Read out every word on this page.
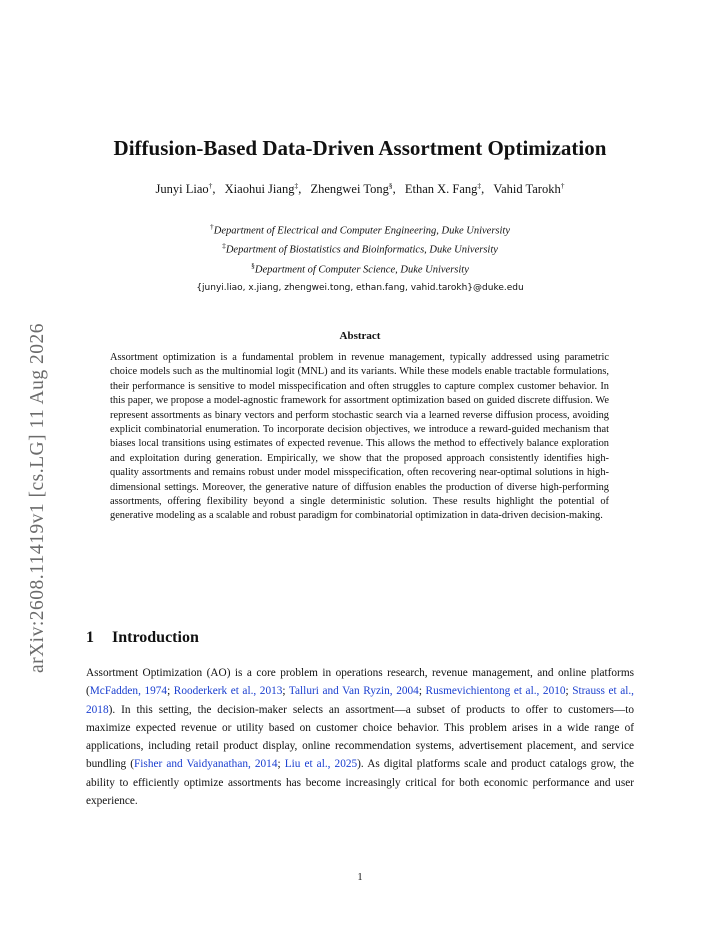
arXiv:2608.11419v1 [cs.LG] 11 Aug 2026
Diffusion-Based Data-Driven Assortment Optimization
Junyi Liao†, Xiaohui Jiang‡, Zhengwei Tong§, Ethan X. Fang‡, Vahid Tarokh†
†Department of Electrical and Computer Engineering, Duke University
‡Department of Biostatistics and Bioinformatics, Duke University
§Department of Computer Science, Duke University
{junyi.liao, x.jiang, zhengwei.tong, ethan.fang, vahid.tarokh}@duke.edu
Abstract

Assortment optimization is a fundamental problem in revenue management, typically addressed using parametric choice models such as the multinomial logit (MNL) and its variants. While these models enable tractable formulations, their performance is sensitive to model misspecification and often struggles to capture complex customer behavior. In this paper, we propose a model-agnostic framework for assortment optimization based on guided discrete diffusion. We represent assortments as binary vectors and perform stochastic search via a learned reverse diffusion process, avoiding explicit combinatorial enumeration. To incorporate decision objectives, we introduce a reward-guided mechanism that biases local transitions using estimates of expected revenue. This allows the method to effectively balance exploration and exploitation during generation. Empirically, we show that the proposed approach consistently identifies high-quality assortments and remains robust under model misspecification, often recovering near-optimal solutions in high-dimensional settings. Moreover, the generative nature of diffusion enables the production of diverse high-performing assortments, offering flexibility beyond a single deterministic solution. These results highlight the potential of generative modeling as a scalable and robust paradigm for combinatorial optimization in data-driven decision-making.

1 Introduction

Assortment Optimization (AO) is a core problem in operations research, revenue management, and online platforms (McFadden, 1974; Rooderkerk et al., 2013; Talluri and Van Ryzin, 2004; Rusmevichientong et al., 2010; Strauss et al., 2018). In this setting, the decision-maker selects an assortment—a subset of products to offer to customers—to maximize expected revenue or utility based on customer choice behavior. This problem arises in a wide range of applications, including retail product display, online recommendation systems, advertisement placement, and service bundling (Fisher and Vaidyanathan, 2014; Liu et al., 2025). As digital platforms scale and product catalogs grow, the ability to efficiently optimize assortments has become increasingly critical for both economic performance and user experience.

1
